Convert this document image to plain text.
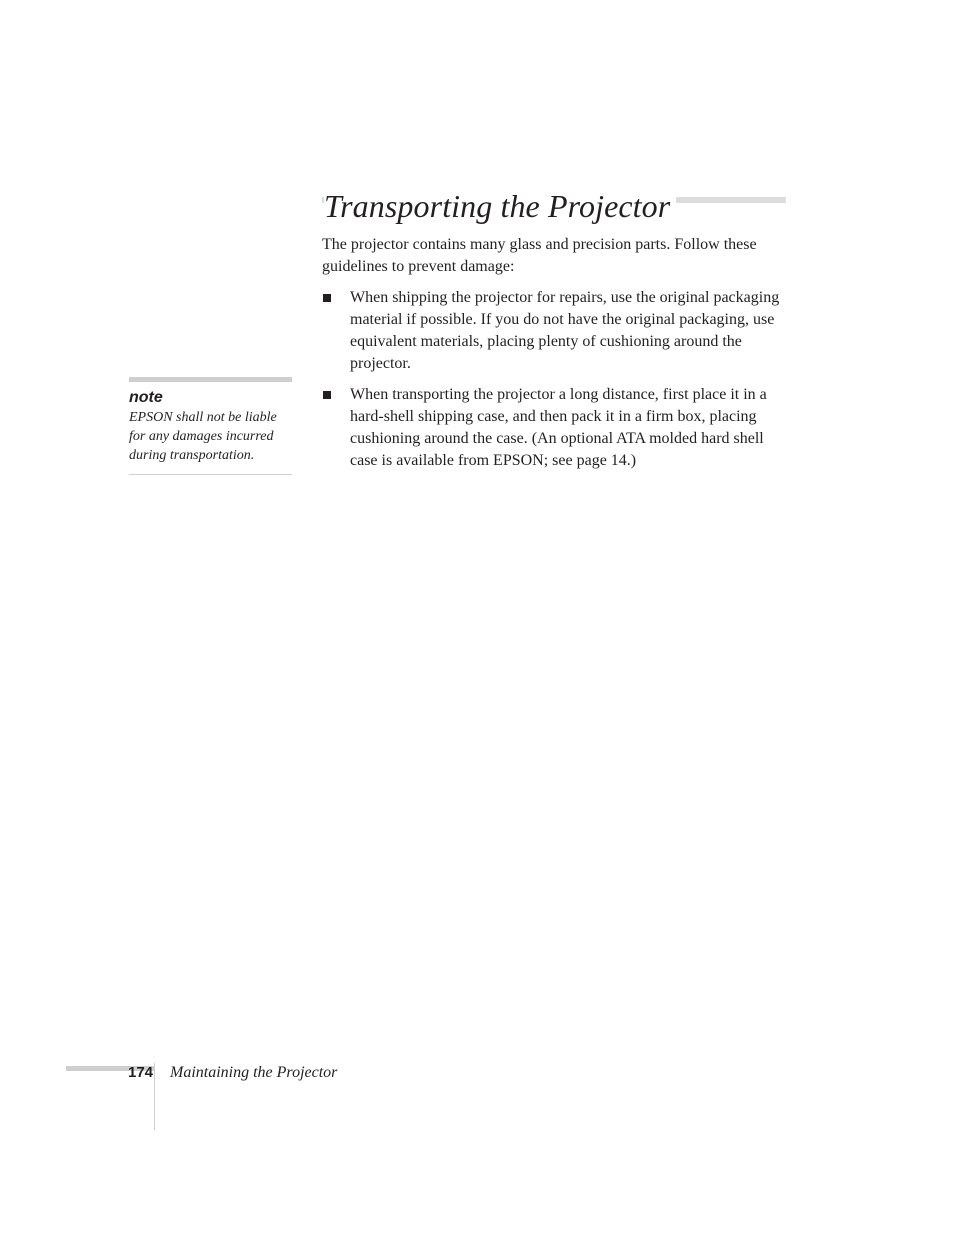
Transporting the Projector

The projector contains many glass and precision parts. Follow these guidelines to prevent damage:

When shipping the projector for repairs, use the original packaging material if possible. If you do not have the original packaging, use equivalent materials, placing plenty of cushioning around the projector.
When transporting the projector a long distance, first place it in a hard-shell shipping case, and then pack it in a firm box, placing cushioning around the case. (An optional ATA molded hard shell case is available from EPSON; see page 14.)
note

EPSON shall not be liable for any damages incurred during transportation.

174 Maintaining the Projector
